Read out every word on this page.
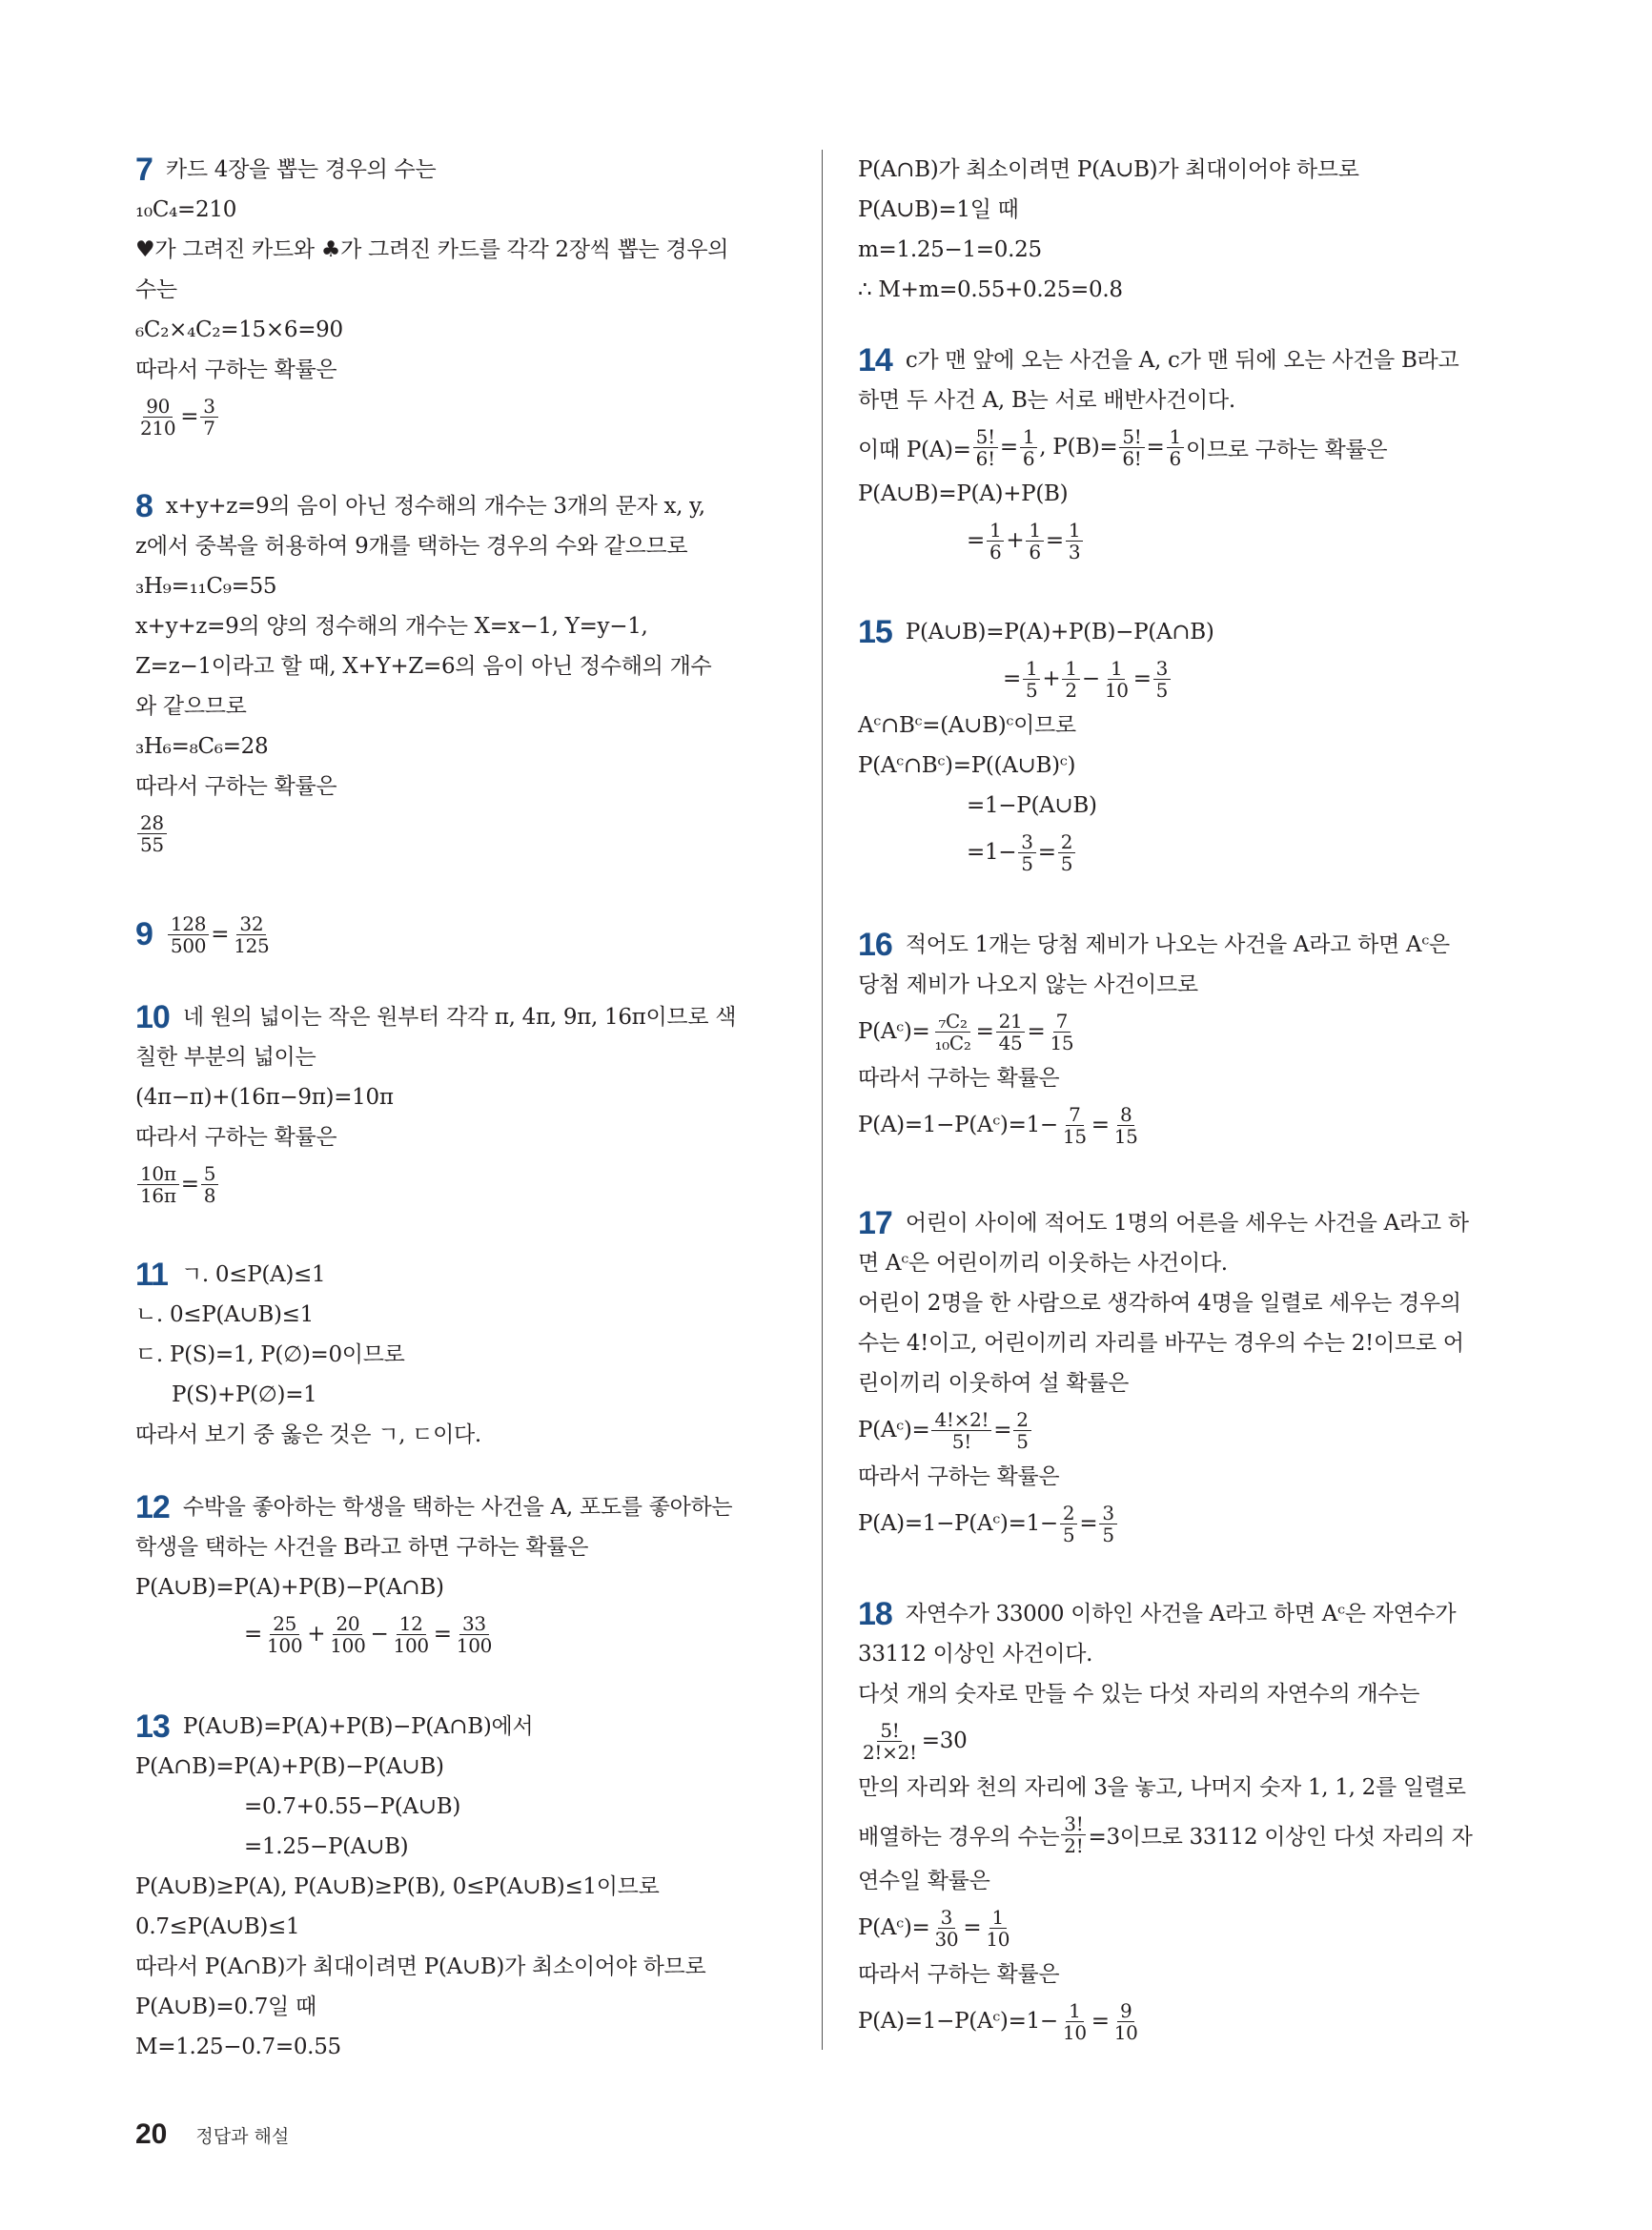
7 카드 4장을 뽑는 경우의 수는
₁₀C₄=210
♥가 그려진 카드와 ♣가 그려진 카드를 각각 2장씩 뽑는 경우의
수는
₆C₂×₄C₂=15×6=90
따라서 구하는 확률은
$\frac{90}{210} = \frac{3}{7}$
8 x+y+z=9의 음이 아닌 정수해의 개수는 3개의 문자 x, y,
z에서 중복을 허용하여 9개를 택하는 경우의 수와 같으므로
₃H₉=₁₁C₉=55
x+y+z=9의 양의 정수해의 개수는 X=x−1, Y=y−1,
Z=z−1이라고 할 때, X+Y+Z=6의 음이 아닌 정수해의 개수
와 같으므로
₃H₆=₈C₆=28
따라서 구하는 확률은
$\frac{28}{55}$
$9 \frac{128}{500} = \frac{32}{125}$
10 네 원의 넓이는 작은 원부터 각각 π, 4π, 9π, 16π이므로 색
칠한 부분의 넓이는
(4π−π)+(16π−9π)=10π
따라서 구하는 확률은
$\frac{10\pi}{16\pi} = \frac{5}{8}$
11 ㄱ. 0≤P(A)≤1
ㄴ. 0≤P(A∪B)≤1
ㄷ. P(S)=1, P(∅)=0이므로
P(S)+P(∅)=1
따라서 보기 중 옳은 것은 ㄱ, ㄷ이다.
12 수박을 좋아하는 학생을 택하는 사건을 A, 포도를 좋아하는
학생을 택하는 사건을 B라고 하면 구하는 확률은
P(A∪B)=P(A)+P(B)−P(A∩B)
= $\frac{25}{100} + \frac{20}{100} - \frac{12}{100} = \frac{33}{100}$
13 P(A∪B)=P(A)+P(B)−P(A∩B)에서
P(A∩B)=P(A)+P(B)−P(A∪B)
=0.7+0.55−P(A∪B)
=1.25−P(A∪B)
P(A∪B)≥P(A), P(A∪B)≥P(B), 0≤P(A∪B)≤1이므로
0.7≤P(A∪B)≤1
따라서 P(A∩B)가 최대이려면 P(A∪B)가 최소이어야 하므로
P(A∪B)=0.7일 때
M=1.25−0.7=0.55
P(A∩B)가 최소이려면 P(A∪B)가 최대이어야 하므로
P(A∪B)=1일 때
m=1.25−1=0.25
∴ M+m=0.55+0.25=0.8
14 c가 맨 앞에 오는 사건을 A, c가 맨 뒤에 오는 사건을 B라고
하면 두 사건 A, B는 서로 배반사건이다.
이때 $P(A)= \frac{5!}{6!} = \frac{1}{6}$ , $P(B)= \frac{5!}{6!} = \frac{1}{6}$ 이므로 구하는 확률은
P(A∪B)=P(A)+P(B)
= $\frac{1}{6} + \frac{1}{6} = \frac{1}{3}$
15 P(A∪B)=P(A)+P(B)−P(A∩B)
= $\frac{1}{5} + \frac{1}{2} - \frac{1}{10} = \frac{3}{5}$
Aᶜ∩Bᶜ=(A∪B)ᶜ이므로
P(Aᶜ∩Bᶜ)=P((A∪B)ᶜ)
=1−P(A∪B)
$=1- \frac{3}{5} = \frac{2}{5}$
16 적어도 1개는 당첨 제비가 나오는 사건을 A라고 하면 Aᶜ은
당첨 제비가 나오지 않는 사건이므로
P(Aᶜ)= $\frac{\text{₇C₂}}{\text{₁₀C₂}} = \frac{21}{45} = \frac{7}{15}$
따라서 구하는 확률은
P(A)=1−P(Aᶜ)=1− $\frac{7}{15} = \frac{8}{15}$
17 어린이 사이에 적어도 1명의 어른을 세우는 사건을 A라고 하
면 Aᶜ은 어린이끼리 이웃하는 사건이다.
어린이 2명을 한 사람으로 생각하여 4명을 일렬로 세우는 경우의
수는 4!이고, 어린이끼리 자리를 바꾸는 경우의 수는 2!이므로 어
린이끼리 이웃하여 설 확률은
P(Aᶜ)= $\frac{4!\times 2!}{5!} = \frac{2}{5}$
따라서 구하는 확률은
P(A)=1−P(Aᶜ)=1− $\frac{2}{5} = \frac{3}{5}$
18 자연수가 33000 이하인 사건을 A라고 하면 Aᶜ은 자연수가
33112 이상인 사건이다.
다섯 개의 숫자로 만들 수 있는 다섯 자리의 자연수의 개수는
$\frac{5!}{2!\times 2!} =30$
만의 자리와 천의 자리에 3을 놓고, 나머지 숫자 1, 1, 2를 일렬로
배열하는 경우의 수는 $\frac{3!}{2!} =3$이므로 33112 이상인 다섯 자리의 자
연수일 확률은
P(Aᶜ)= $\frac{3}{30} = \frac{1}{10}$
따라서 구하는 확률은
P(A)=1−P(Aᶜ)=1− $\frac{1}{10} = \frac{9}{10}$
20 정답과 해설
